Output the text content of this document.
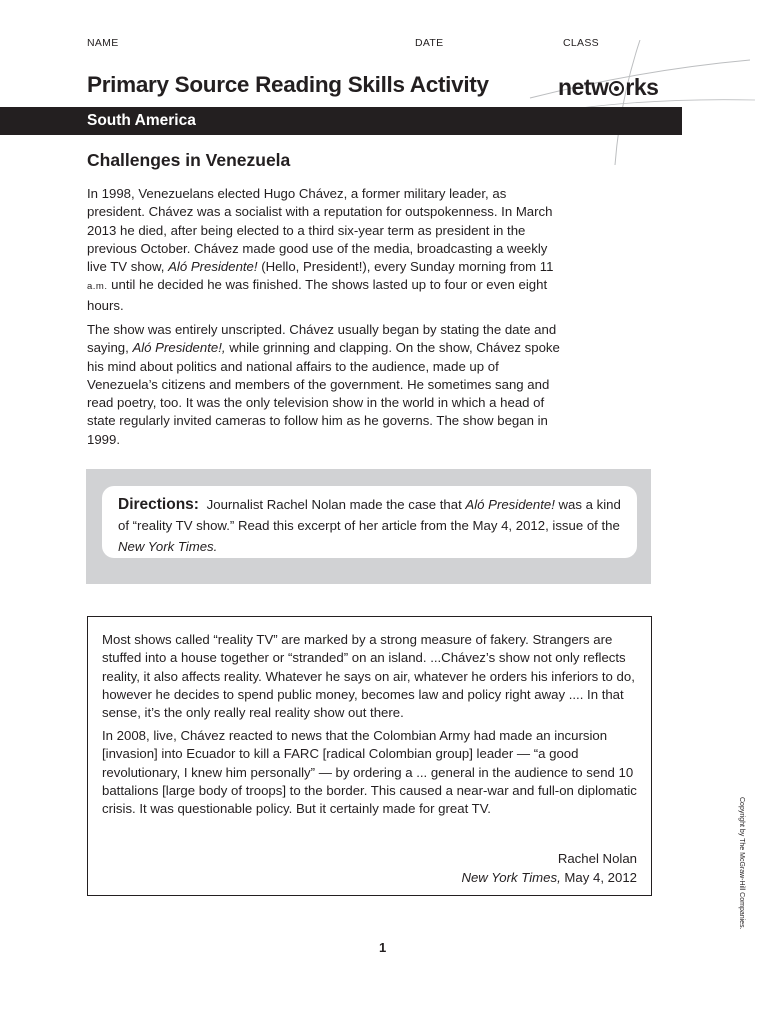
NAME	DATE	CLASS
Primary Source Reading Skills Activity	netw rks
South America
Challenges in Venezuela

In 1998, Venezuelans elected Hugo Chávez, a former military leader, as president. Chávez was a socialist with a reputation for outspokenness. In March 2013 he died, after being elected to a third six-year term as president in the previous October. Chávez made good use of the media, broadcasting a weekly live TV show, Aló Presidente! (Hello, President!), every Sunday morning from 11 a.m. until he decided he was finished. The shows lasted up to four or even eight hours.

The show was entirely unscripted. Chávez usually began by stating the date and saying, Aló Presidente!, while grinning and clapping. On the show, Chávez spoke his mind about politics and national affairs to the audience, made up of Venezuela’s citizens and members of the government. He sometimes sang and read poetry, too. It was the only television show in the world in which a head of state regularly invited cameras to follow him as he governs. The show began in 1999.

Directions: Journalist Rachel Nolan made the case that Aló Presidente! was a kind of “reality TV show.” Read this excerpt of her article from the May 4, 2012, issue of the New York Times.

Most shows called “reality TV” are marked by a strong measure of fakery. Strangers are stuffed into a house together or “stranded” on an island. ...Chávez’s show not only reflects reality, it also affects reality. Whatever he says on air, whatever he orders his inferiors to do, however he decides to spend public money, becomes law and policy right away .... In that sense, it’s the only really real reality show out there.

In 2008, live, Chávez reacted to news that the Colombian Army had made an incursion [invasion] into Ecuador to kill a FARC [radical Colombian group] leader — “a good revolutionary, I knew him personally” — by ordering a ... general in the audience to send 10 battalions [large body of troops] to the border. This caused a near-war and full-on diplomatic crisis. It was questionable policy. But it certainly made for great TV.

Rachel Nolan
New York Times, May 4, 2012
1
Copyright by The McGraw-Hill Companies.
